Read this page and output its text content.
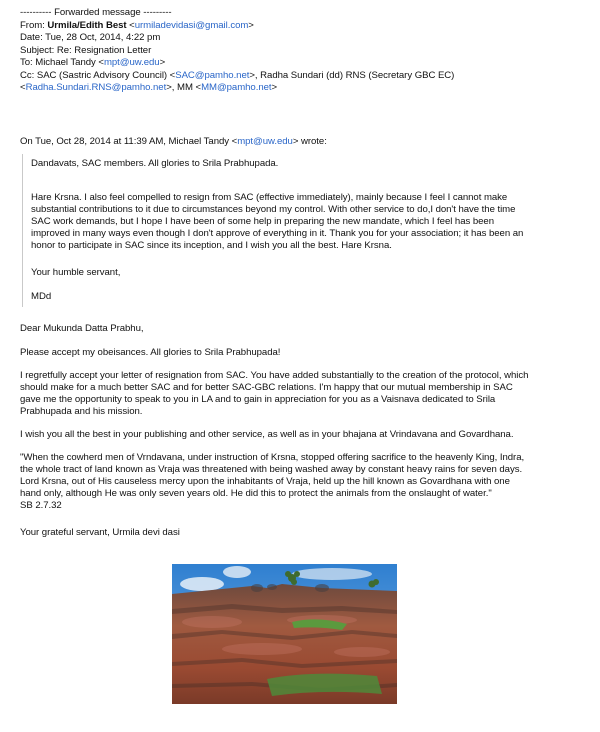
---------- Forwarded message ---------
From: Urmila/Edith Best <urmiladevidasi@gmail.com>
Date: Tue, 28 Oct, 2014, 4:22 pm
Subject: Re: Resignation Letter
To: Michael Tandy <mpt@uw.edu>
Cc: SAC (Sastric Advisory Council) <SAC@pamho.net>, Radha Sundari (dd) RNS (Secretary GBC EC)
<Radha.Sundari.RNS@pamho.net>, MM <MM@pamho.net>
On Tue, Oct 28, 2014 at 11:39 AM, Michael Tandy <mpt@uw.edu> wrote:
Dandavats, SAC members. All glories to Srila Prabhupada.
Hare Krsna. I also feel compelled to resign from SAC (effective immediately), mainly because I feel I cannot make
substantial contributions to it due to circumstances beyond my control. With other service to do,I don't have the time
SAC work demands, but I hope I have been of some help in preparing the new mandate, which I feel has been
improved in many ways even though I don't approve of everything in it. Thank you for your association; it has been an
honor to participate in SAC since its inception, and I wish you all the best. Hare Krsna.
Your humble servant,
MDd
Dear Mukunda Datta Prabhu,
Please accept my obeisances. All glories to Srila Prabhupada!
I regretfully accept your letter of resignation from SAC. You have added substantially to the creation of the protocol, which
should make for a much better SAC and for better SAC-GBC relations. I'm happy that our mutual membership in SAC
gave me the opportunity to speak to you in LA and to gain in appreciation for you as a Vaisnava dedicated to Srila
Prabhupada and his mission.
I wish you all the best in your publishing and other service, as well as in your bhajana at Vrindavana and Govardhana.
"When the cowherd men of Vrndavana, under instruction of Krsna, stopped offering sacrifice to the heavenly King, Indra,
the whole tract of land known as Vraja was threatened with being washed away by constant heavy rains for seven days.
Lord Krsna, out of His causeless mercy upon the inhabitants of Vraja, held up the hill known as Govardhana with one
hand only, although He was only seven years old. He did this to protect the animals from the onslaught of water."
SB 2.7.32
Your grateful servant, Urmila devi dasi
